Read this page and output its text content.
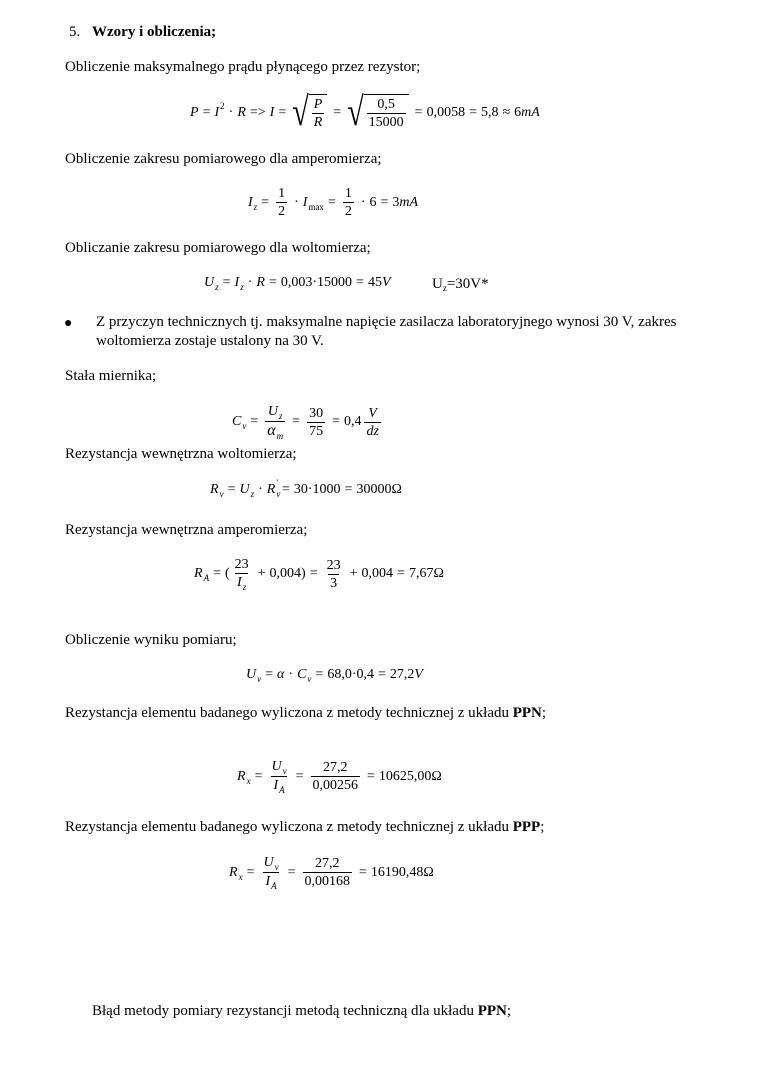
5. Wzory i obliczenia;
Obliczenie maksymalnego prądu płynącego przez rezystor;
P = I 2 · R => I = √ $\frac{P}{R}$ = √ $\frac{0,5}{15000} = 0,0058 = 5,8 \approx 6$ mA
Obliczenie zakresu pomiarowego dla amperomierza;
I $z = \frac{1}{2} \cdot I$ $\max = \frac{1}{2} \cdot 6 = 3$ mA
Obliczanie zakresu pomiarowego dla woltomierza;
U z = I z · R = 0,003·15000 = 45 V	$U_z=30V*$
● Z przyczyn technicznych tj. maksymalne napięcie zasilacza laboratoryjnego wynosi 30 V, zakres
woltomierza zostaje ustalony na 30 V.
Stała miernika;
C $v = \frac{U_z}{\alpha_m} = \frac{30}{75} = 0,4 \frac{V}{dz}$
Rezystancja wewnętrzna woltomierza;
R v = U z · R v
' = 30·1000 = 30000Ω
Rezystancja wewnętrzna amperomierza;
R A = ( $\frac{23}{I_z} + 0,004$ ) = $\frac{23}{3} + 0,004 = 7,67\Omega$
Obliczenie wyniku pomiaru;
U v = α · C v = 68,0·0,4 = 27,2 V
Rezystancja elementu badanego wyliczona z metody technicznej z układu PPN;
R $x = \frac{U_v}{I_A} = \frac{27,2}{0,00256} = 10625,00\Omega$
Rezystancja elementu badanego wyliczona z metody technicznej z układu PPP;
R $x = \frac{U_v}{I_A} = \frac{27,2}{0,00168} = 16190,48\Omega$
Błąd metody pomiary rezystancji metodą techniczną dla układu PPN;
